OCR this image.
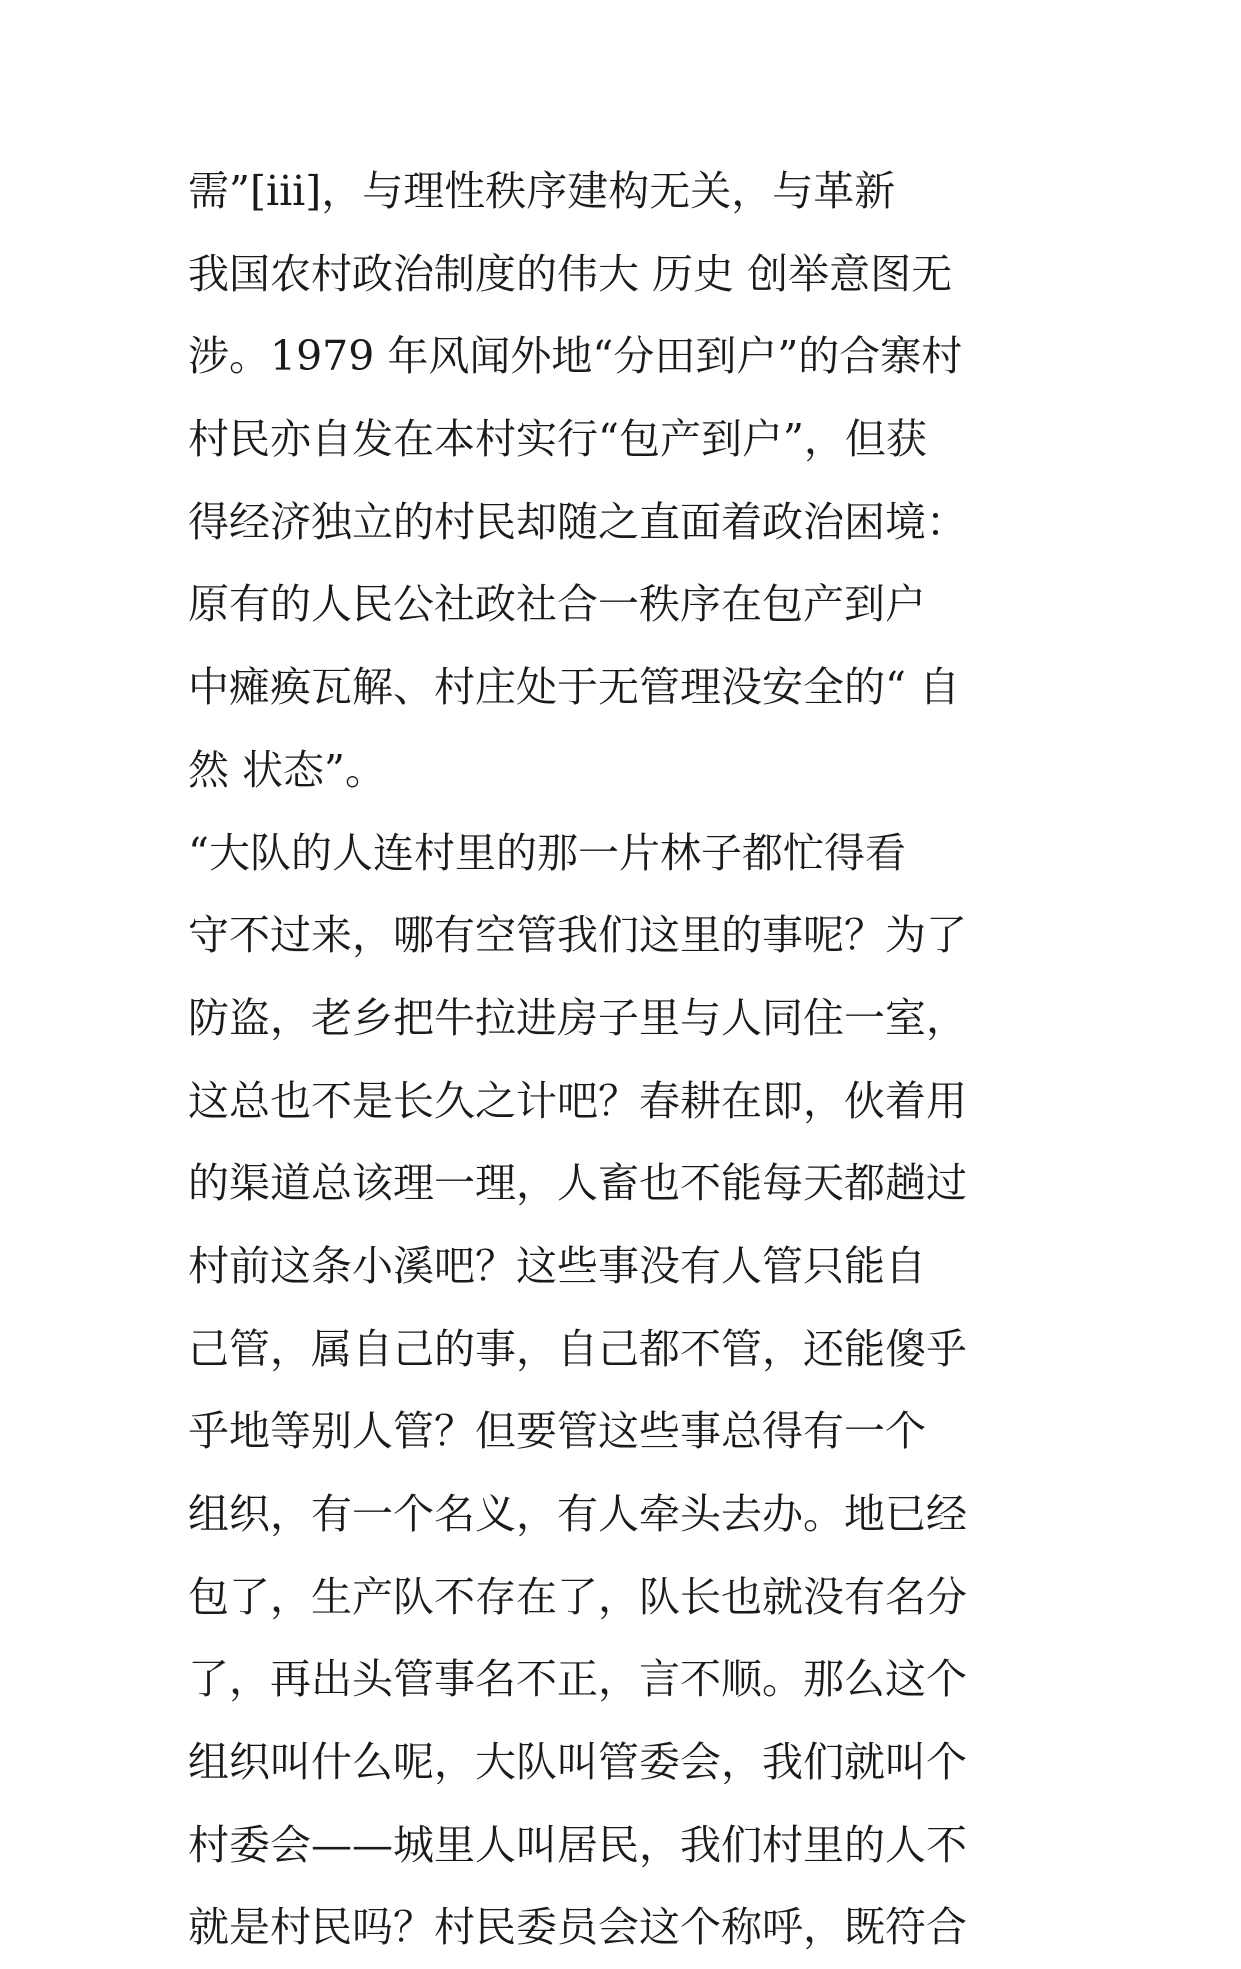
需”[iii]，与理性秩序建构无关，与革新
我国农村政治制度的伟大 历史 创举意图无
涉。1979 年风闻外地“分田到户”的合寨村
村民亦自发在本村实行“包产到户”，但获
得经济独立的村民却随之直面着政治困境：
原有的人民公社政社合一秩序在包产到户
中瘫痪瓦解、村庄处于无管理没安全的“ 自
然 状态”。
“大队的人连村里的那一片林子都忙得看
守不过来，哪有空管我们这里的事呢？为了
防盗，老乡把牛拉进房子里与人同住一室，
这总也不是长久之计吧？春耕在即，伙着用
的渠道总该理一理，人畜也不能每天都趟过
村前这条小溪吧？这些事没有人管只能自
己管，属自己的事，自己都不管，还能傻乎
乎地等别人管？但要管这些事总得有一个
组织，有一个名义，有人牵头去办。地已经
包了，生产队不存在了，队长也就没有名分
了，再出头管事名不正，言不顺。那么这个
组织叫什么呢，大队叫管委会，我们就叫个
村委会——城里人叫居民，我们村里的人不
就是村民吗？村民委员会这个称呼，既符合
